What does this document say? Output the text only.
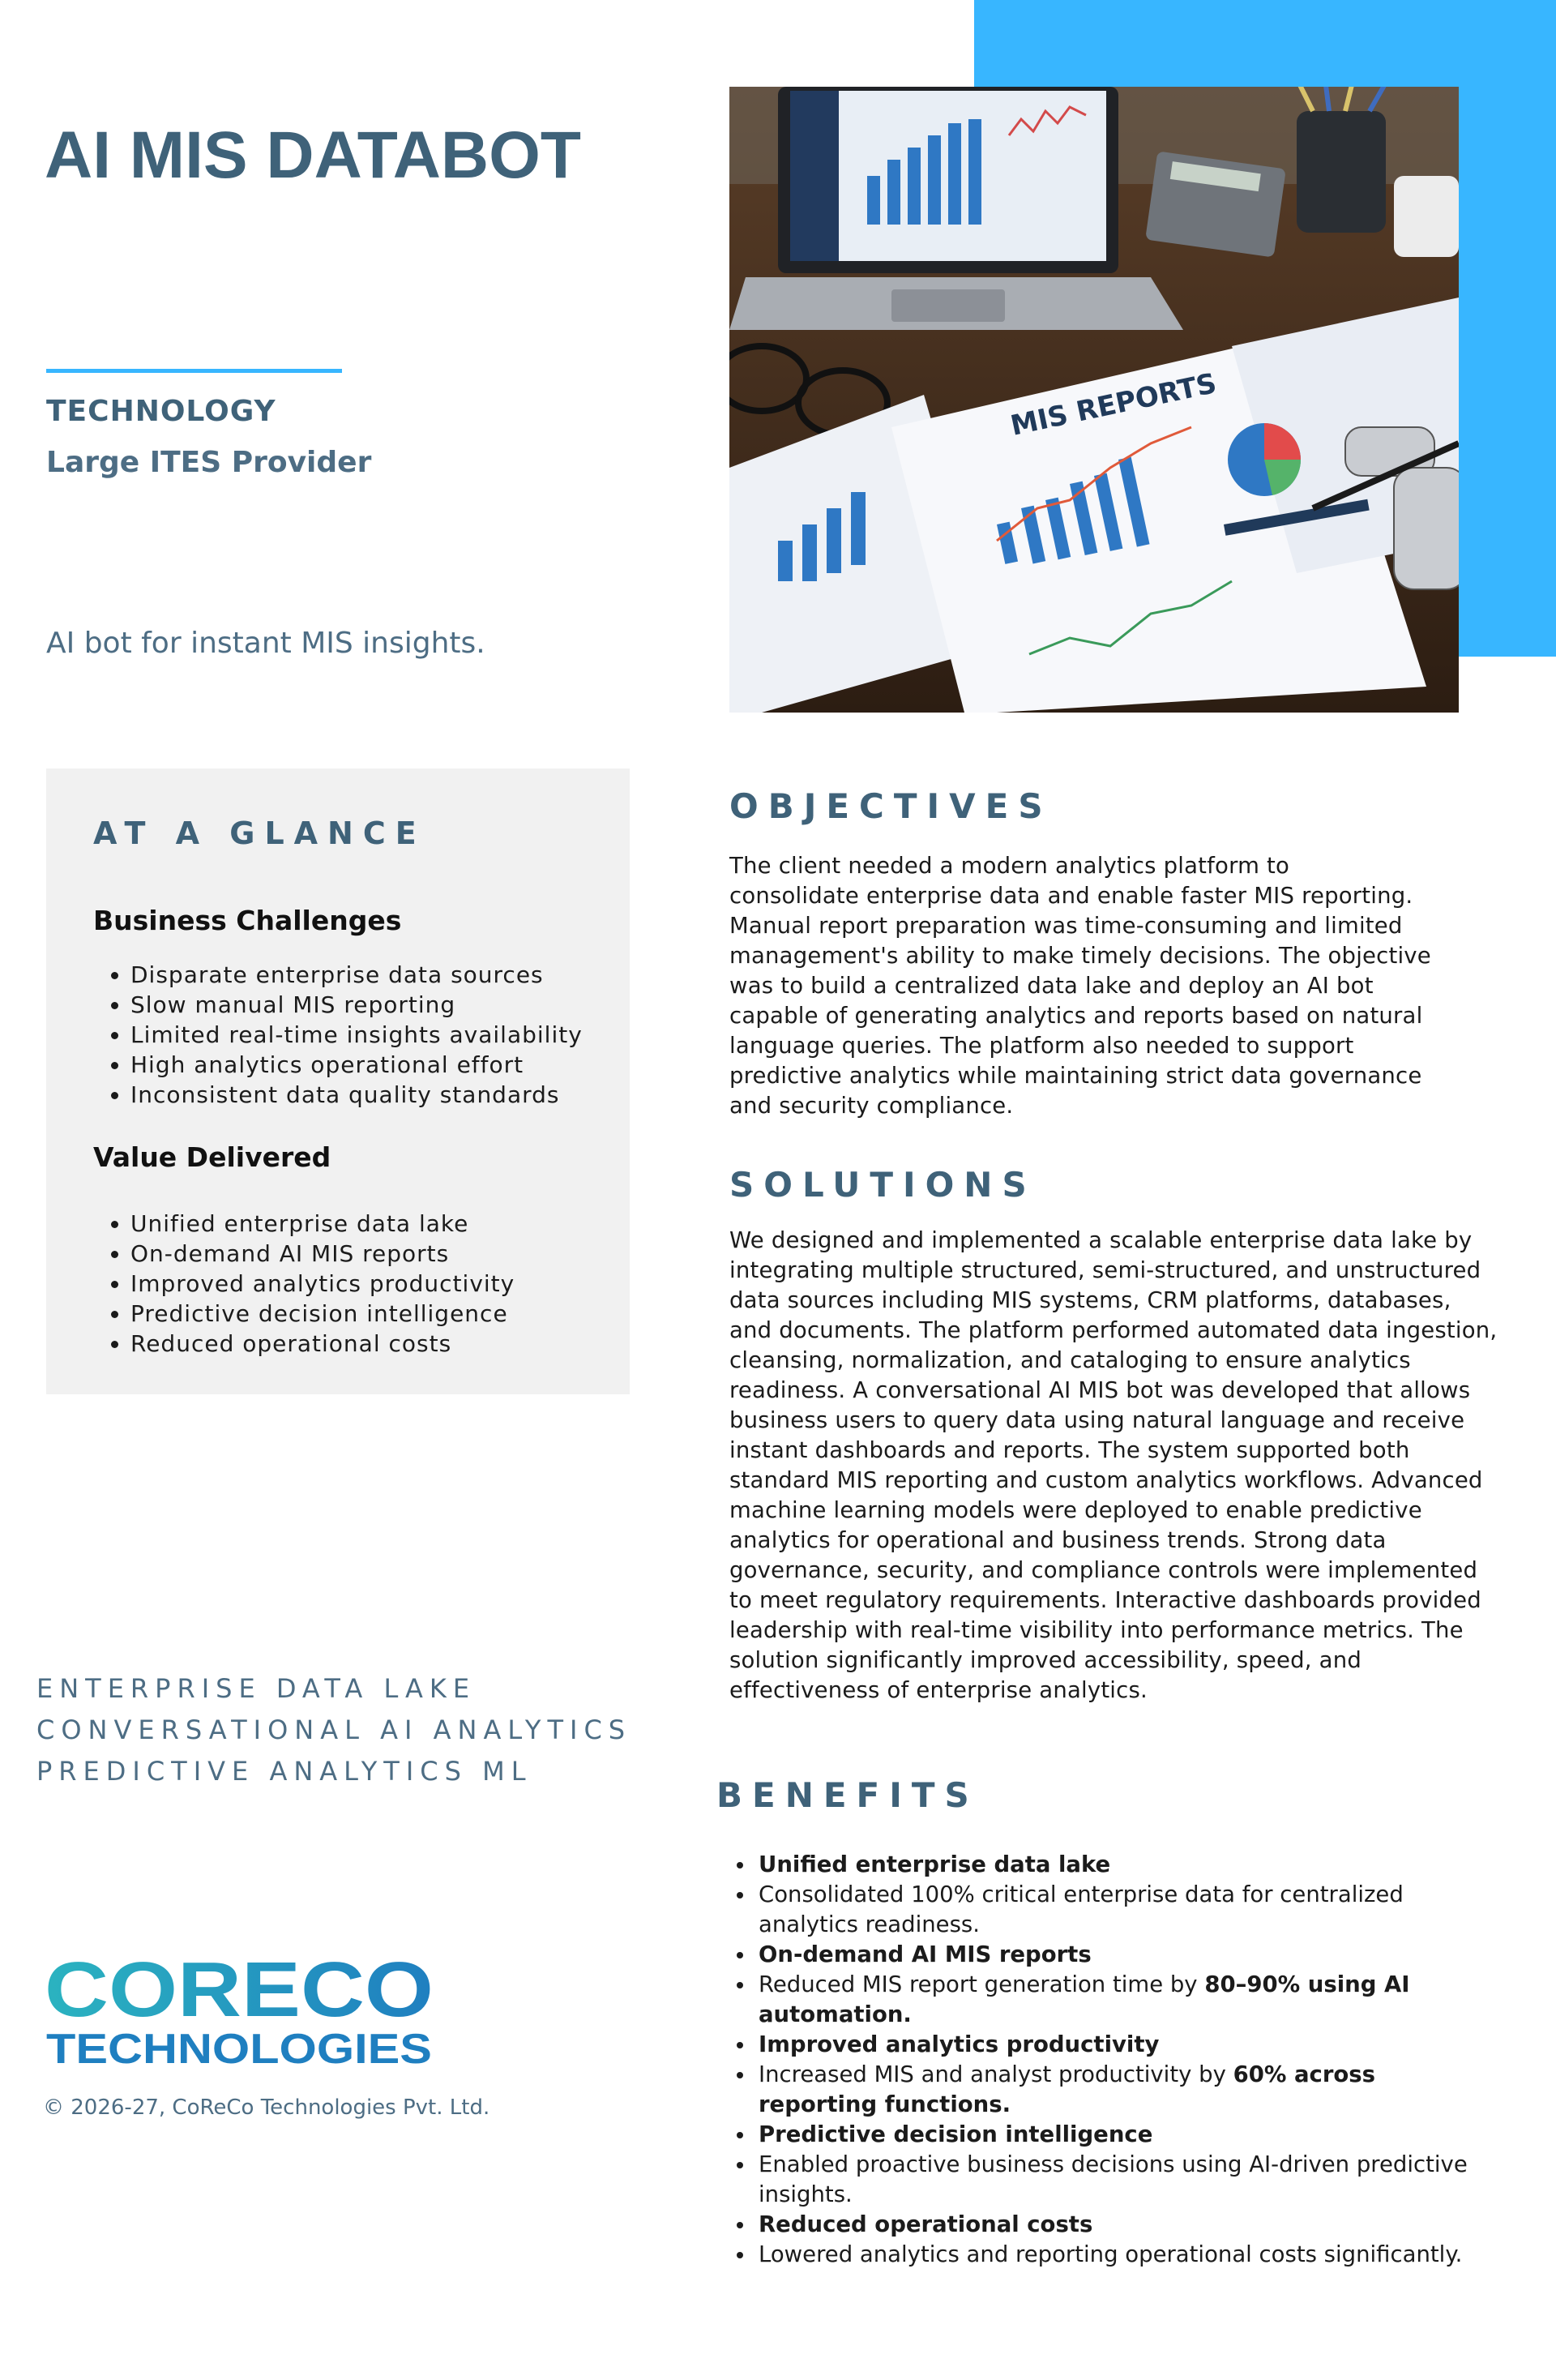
MIS REPORTS
AI MIS DATABOT

TECHNOLOGY

Large ITES Provider

AI bot for instant MIS insights.

AT A GLANCE
Business Challenges
• Disparate enterprise data sources
• Slow manual MIS reporting
• Limited real-time insights availability
• High analytics operational effort
• Inconsistent data quality standards
Value Delivered
• Unified enterprise data lake
• On-demand AI MIS reports
• Improved analytics productivity
• Predictive decision intelligence
• Reduced operational costs
OBJECTIVES

The client needed a modern analytics platform to

consolidate enterprise data and enable faster MIS reporting.

Manual report preparation was time-consuming and limited

management's ability to make timely decisions. The objective

was to build a centralized data lake and deploy an AI bot

capable of generating analytics and reports based on natural

language queries. The platform also needed to support

predictive analytics while maintaining strict data governance

and security compliance.

SOLUTIONS

We designed and implemented a scalable enterprise data lake by

integrating multiple structured, semi-structured, and unstructured

data sources including MIS systems, CRM platforms, databases,

and documents. The platform performed automated data ingestion,

cleansing, normalization, and cataloging to ensure analytics

readiness. A conversational AI MIS bot was developed that allows

business users to query data using natural language and receive

instant dashboards and reports. The system supported both

standard MIS reporting and custom analytics workflows. Advanced

machine learning models were deployed to enable predictive

analytics for operational and business trends. Strong data

governance, security, and compliance controls were implemented

to meet regulatory requirements. Interactive dashboards provided

leadership with real-time visibility into performance metrics. The

solution significantly improved accessibility, speed, and

effectiveness of enterprise analytics.

ENTERPRISE DATA LAKE
CONVERSATIONAL AI ANALYTICS
PREDICTIVE ANALYTICS ML
BENEFITS
• Unified enterprise data lake
• Consolidated 100% critical enterprise data for centralized analytics readiness.
• On-demand AI MIS reports
• Reduced MIS report generation time by 80–90% using AI automation.
• Improved analytics productivity
• Increased MIS and analyst productivity by 60% across reporting functions.
• Predictive decision intelligence
• Enabled proactive business decisions using AI-driven predictive insights.
• Reduced operational costs
• Lowered analytics and reporting operational costs significantly.
CORECO
TECHNOLOGIES

© 2026-27, CoReCo Technologies Pvt. Ltd.
